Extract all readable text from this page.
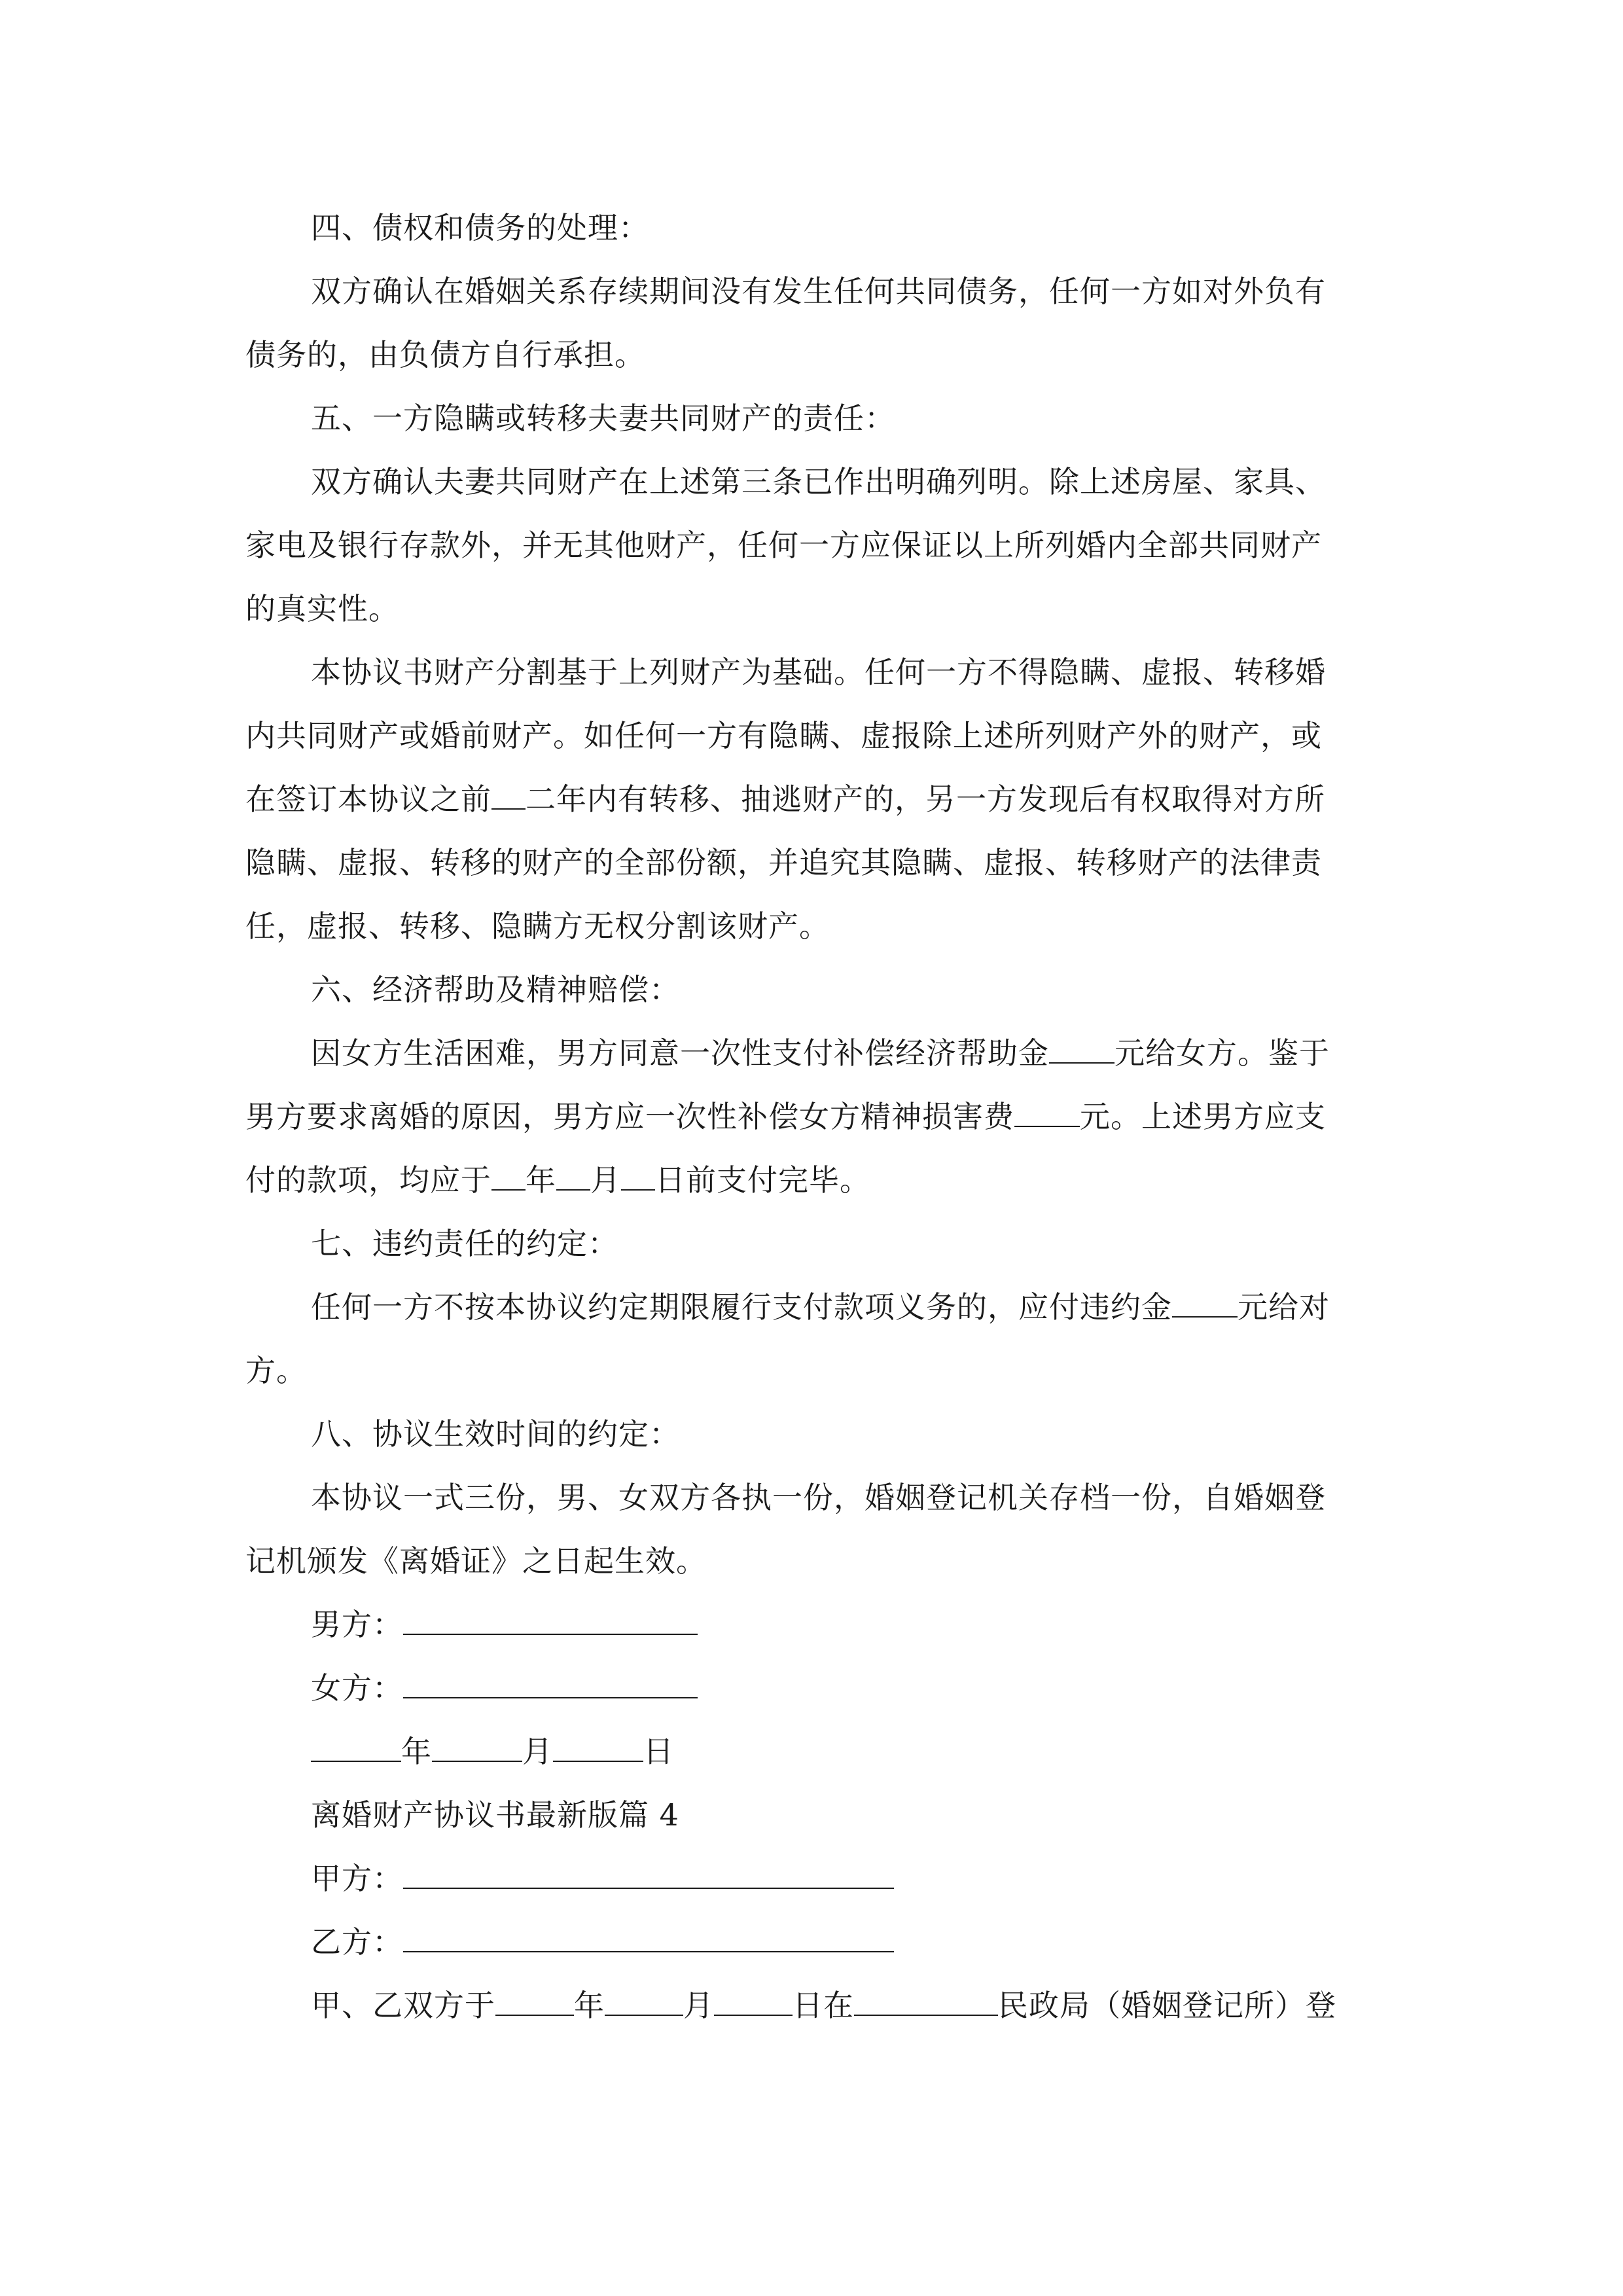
四、债权和债务的处理：

双方确认在婚姻关系存续期间没有发生任何共同债务，任何一方如对外负有

债务的，由负债方自行承担。

五、一方隐瞒或转移夫妻共同财产的责任：

双方确认夫妻共同财产在上述第三条已作出明确列明。除上述房屋、家具、

家电及银行存款外，并无其他财产，任何一方应保证以上所列婚内全部共同财产

的真实性。

本协议书财产分割基于上列财产为基础。任何一方不得隐瞒、虚报、转移婚

内共同财产或婚前财产。如任何一方有隐瞒、虚报除上述所列财产外的财产，或

在签订本协议之前 二年内有转移、抽逃财产的，另一方发现后有权取得对方所

隐瞒、虚报、转移的财产的全部份额，并追究其隐瞒、虚报、转移财产的法律责

任，虚报、转移、隐瞒方无权分割该财产。

六、经济帮助及精神赔偿：

因女方生活困难，男方同意一次性支付补偿经济帮助金 元给女方。鉴于

男方要求离婚的原因，男方应一次性补偿女方精神损害费 元。上述男方应支

付的款项，均应于 年 月 日前支付完毕。

七、违约责任的约定：

任何一方不按本协议约定期限履行支付款项义务的，应付违约金 元给对

方。

八、协议生效时间的约定：

本协议一式三份，男、女双方各执一份，婚姻登记机关存档一份，自婚姻登

记机颁发《离婚证》之日起生效。

男方：

女方：

年	月	日

离婚财产协议书最新版篇 4

甲方：

乙方：

甲、乙双方于	年	月	日在	民政局（婚姻登记所）登
